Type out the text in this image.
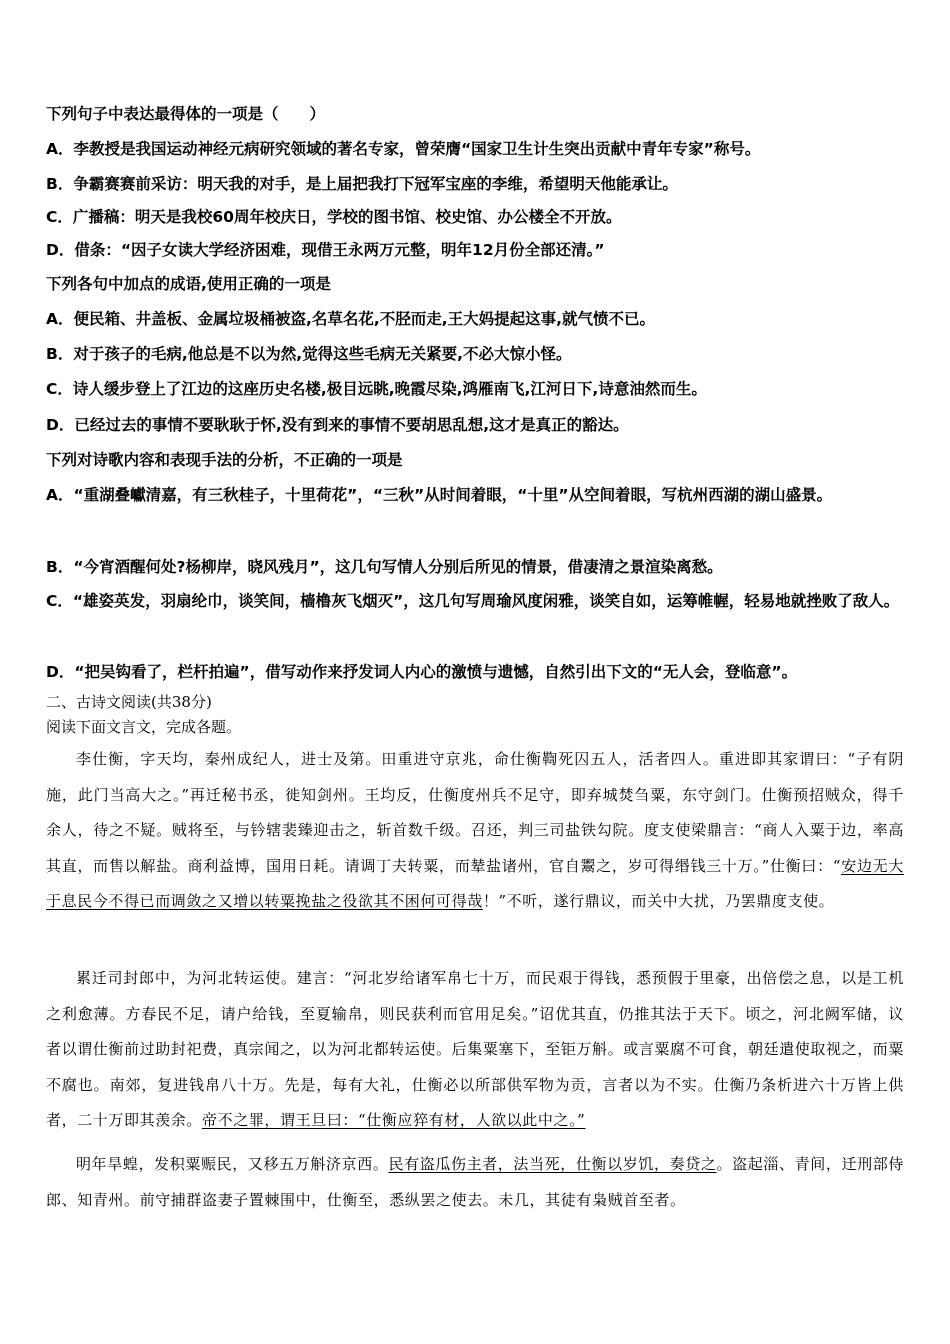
下列句子中表达最得体的一项是（　　）
A．李教授是我国运动神经元病研究领域的著名专家，曾荣膺“国家卫生计生突出贡献中青年专家”称号。
B．争霸赛赛前采访：明天我的对手，是上届把我打下冠军宝座的李维，希望明天他能承让。
C．广播稿：明天是我校60周年校庆日，学校的图书馆、校史馆、办公楼全不开放。
D．借条：“因子女读大学经济困难，现借王永两万元整，明年12月份全部还清。”
下列各句中加点的成语,使用正确的一项是
A．便民箱、井盖板、金属垃圾桶被盗,名草名花,不胫而走,王大妈提起这事,就气愤不已。
B．对于孩子的毛病,他总是不以为然,觉得这些毛病无关紧要,不必大惊小怪。
C．诗人缓步登上了江边的这座历史名楼,极目远眺,晚霞尽染,鸿雁南飞,江河日下,诗意油然而生。
D．已经过去的事情不要耿耿于怀,没有到来的事情不要胡思乱想,这才是真正的豁达。
下列对诗歌内容和表现手法的分析，不正确的一项是
A．“重湖叠巘清嘉，有三秋桂子，十里荷花”，“三秋”从时间着眼，“十里”从空间着眼，写杭州西湖的湖山盛景。
B．“今宵酒醒何处?杨柳岸，晓风残月”，这几句写情人分别后所见的情景，借凄清之景渲染离愁。
C．“雄姿英发，羽扇纶巾，谈笑间，樯橹灰飞烟灭”，这几句写周瑜风度闲雅，谈笑自如，运筹帷幄，轻易地就挫败了敌人。
D．“把吴钩看了，栏杆拍遍”，借写动作来抒发词人内心的激愤与遗憾，自然引出下文的“无人会，登临意”。
二、古诗文阅读(共38分)
阅读下面文言文，完成各题。
李仕衡，字天均，秦州成纪人，进士及第。田重进守京兆，命仕衡鞫死囚五人，活者四人。重进即其家谓曰：“子有阴施，此门当高大之。”再迁秘书丞，徙知剑州。王均反，仕衡度州兵不足守，即弃城焚刍粟，东守剑门。仕衡预招贼众，得千余人，待之不疑。贼将至，与钤辖裴臻迎击之，斩首数千级。召还，判三司盐铁勾院。度支使梁鼎言：“商人入粟于边，率高其直，而售以解盐。商利益博，国用日耗。请调丁夫转粟，而辇盐诸州，官自鬻之，岁可得缗钱三十万。”仕衡曰：“安边无大于息民今不得已而调敛之又增以转粟挽盐之役欲其不困何可得哉！”不听，遂行鼎议，而关中大扰，乃罢鼎度支使。
累迁司封郎中，为河北转运使。建言：“河北岁给诸军帛七十万，而民艰于得钱，悉预假于里豪，出倍偿之息，以是工机之利愈薄。方春民不足，请户给钱，至夏输帛，则民获利而官用足矣。”诏优其直，仍推其法于天下。顷之，河北阙军储，议者以谓仕衡前过助封祀费，真宗闻之，以为河北都转运使。后集粟塞下，至钜万斛。或言粟腐不可食，朝廷遣使取视之，而粟不腐也。南郊，复进钱帛八十万。先是，每有大礼，仕衡必以所部供军物为贡，言者以为不实。仕衡乃条析进六十万皆上供者，二十万即其羡余。帝不之罪，谓王旦曰：“仕衡应猝有材，人欲以此中之。”
明年旱蝗，发积粟赈民，又移五万斛济京西。民有盗瓜伤主者，法当死，仕衡以岁饥，奏贷之。盗起淄、青间，迁刑部侍郎、知青州。前守捕群盗妻子置棘围中，仕衡至，悉纵罢之使去。未几，其徒有枭贼首至者。
